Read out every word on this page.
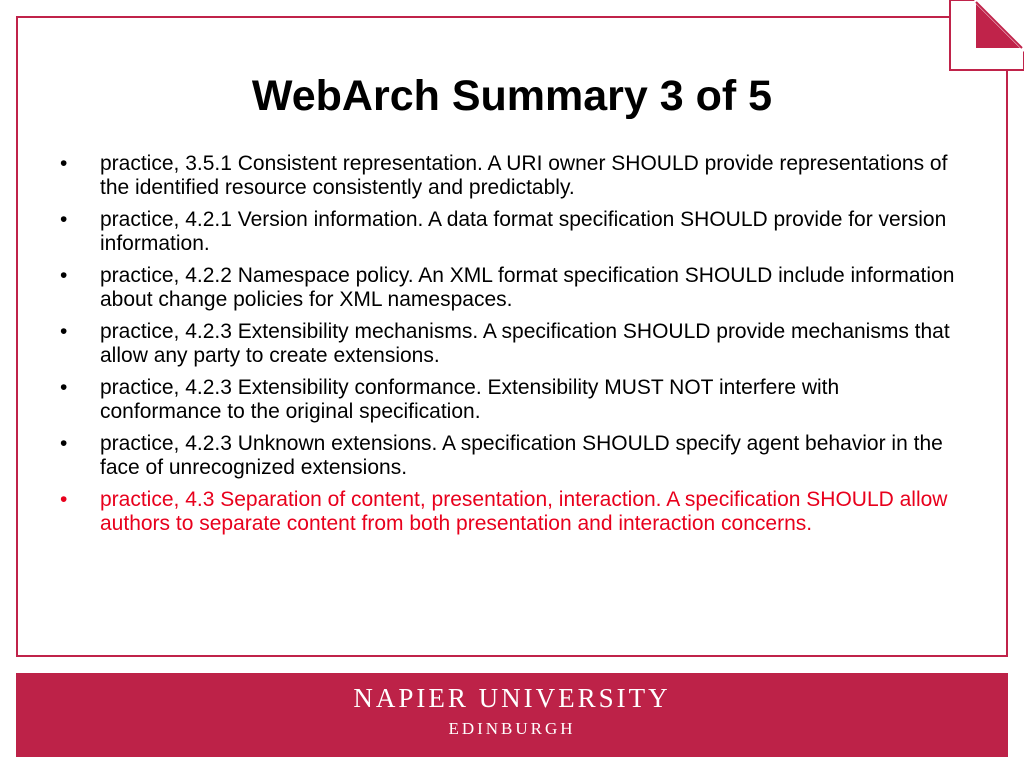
WebArch Summary 3 of 5
• practice, 3.5.1 Consistent representation. A URI owner SHOULD provide representations of the identified resource consistently and predictably.
• practice, 4.2.1 Version information. A data format specification SHOULD provide for version information.
• practice, 4.2.2 Namespace policy. An XML format specification SHOULD include information about change policies for XML namespaces.
• practice, 4.2.3 Extensibility mechanisms. A specification SHOULD provide mechanisms that allow any party to create extensions.
• practice, 4.2.3 Extensibility conformance. Extensibility MUST NOT interfere with conformance to the original specification.
• practice, 4.2.3 Unknown extensions. A specification SHOULD specify agent behavior in the face of unrecognized extensions.
• practice, 4.3 Separation of content, presentation, interaction. A specification SHOULD allow authors to separate content from both presentation and interaction concerns.
NAPIER UNIVERSITY
EDINBURGH
